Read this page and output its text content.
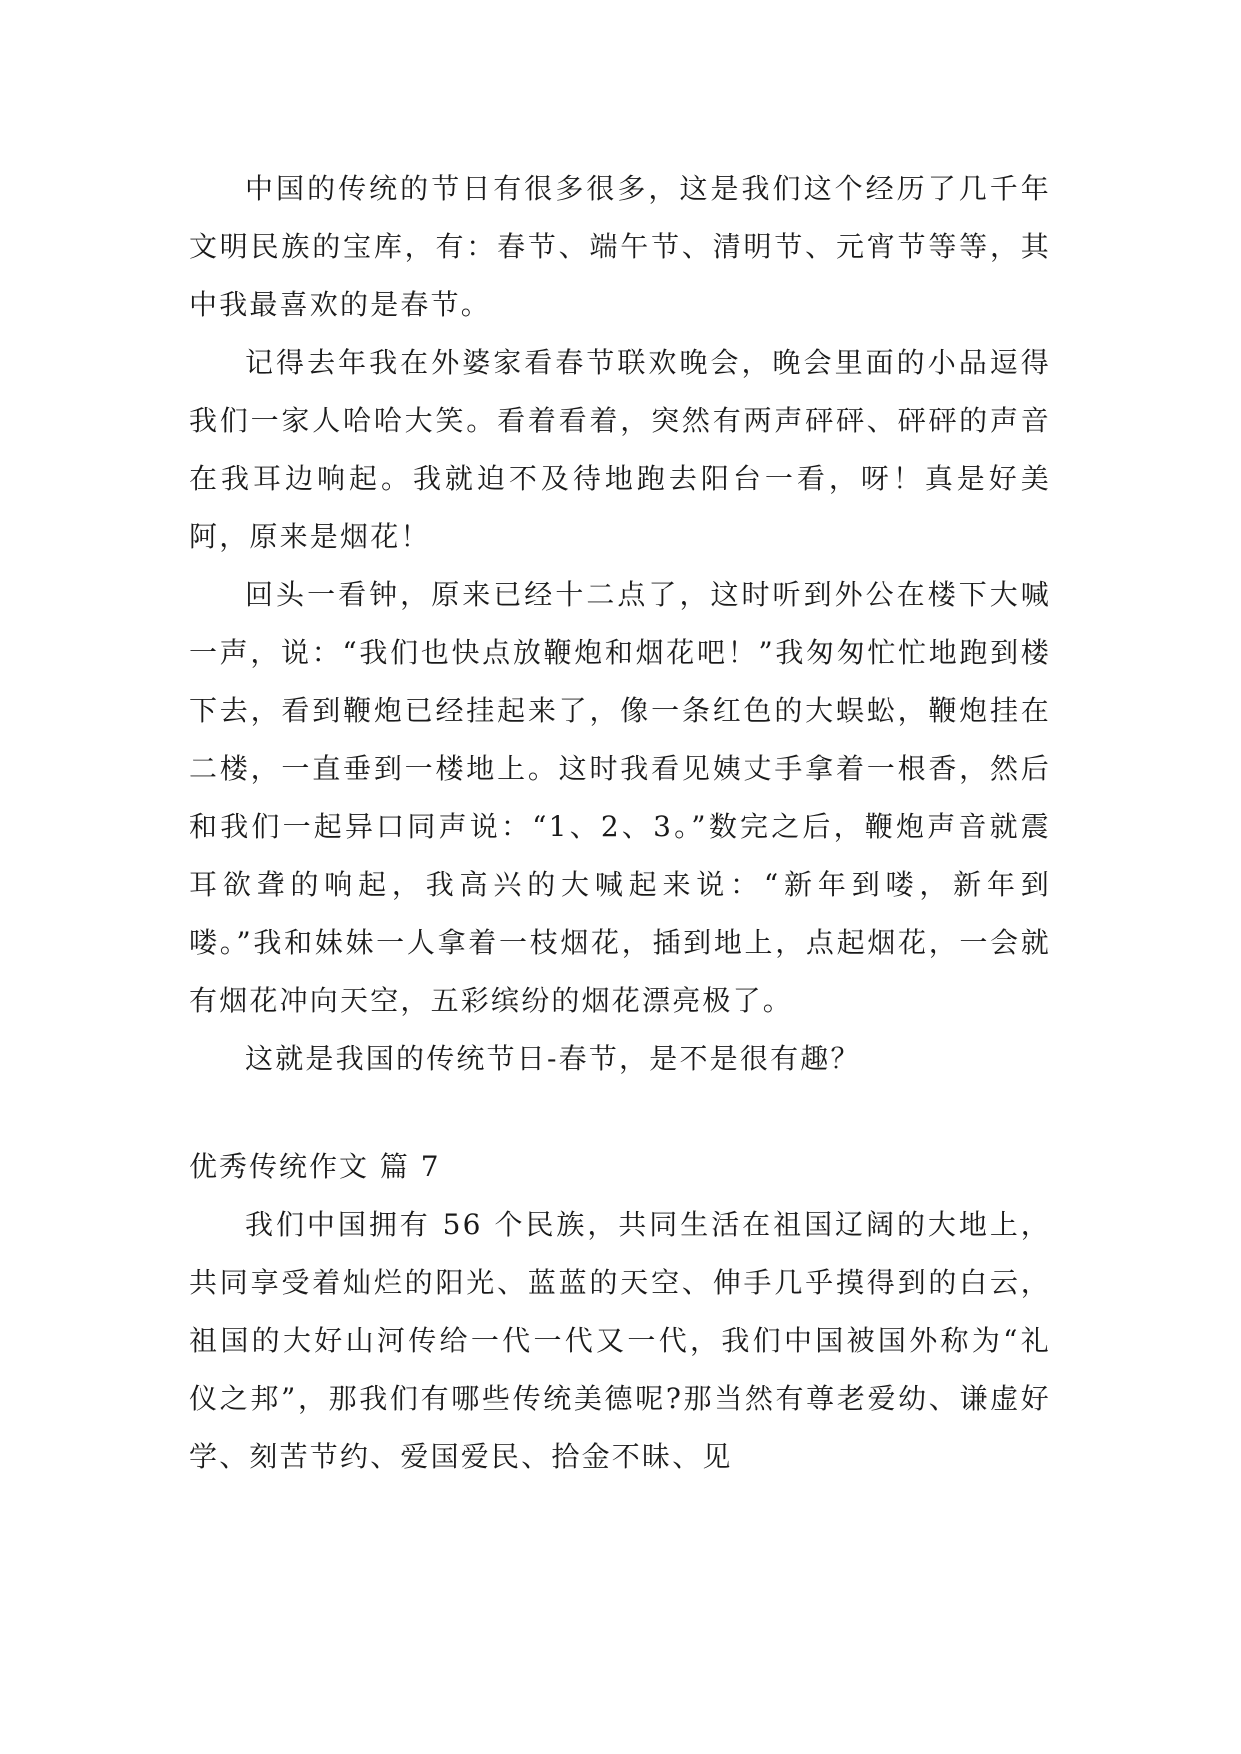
中国的传统的节日有很多很多，这是我们这个经历了几千年文明民族的宝库，有：春节、端午节、清明节、元宵节等等，其中我最喜欢的是春节。

记得去年我在外婆家看春节联欢晚会，晚会里面的小品逗得我们一家人哈哈大笑。看着看着，突然有两声砰砰、砰砰的声音在我耳边响起。我就迫不及待地跑去阳台一看，呀！真是好美阿，原来是烟花！

回头一看钟，原来已经十二点了，这时听到外公在楼下大喊一声，说：“我们也快点放鞭炮和烟花吧！”我匆匆忙忙地跑到楼下去，看到鞭炮已经挂起来了，像一条红色的大蜈蚣，鞭炮挂在二楼，一直垂到一楼地上。这时我看见姨丈手拿着一根香，然后和我们一起异口同声说：“1、2、3。”数完之后，鞭炮声音就震耳欲聋的响起，我高兴的大喊起来说：“新年到喽，新年到喽。”我和妹妹一人拿着一枝烟花，插到地上，点起烟花，一会就有烟花冲向天空，五彩缤纷的烟花漂亮极了。

这就是我国的传统节日-春节，是不是很有趣？

优秀传统作文 篇 7

我们中国拥有 56 个民族，共同生活在祖国辽阔的大地上，共同享受着灿烂的阳光、蓝蓝的天空、伸手几乎摸得到的白云，祖国的大好山河传给一代一代又一代，我们中国被国外称为“礼仪之邦”，那我们有哪些传统美德呢?那当然有尊老爱幼、谦虚好学、刻苦节约、爱国爱民、拾金不昧、见
